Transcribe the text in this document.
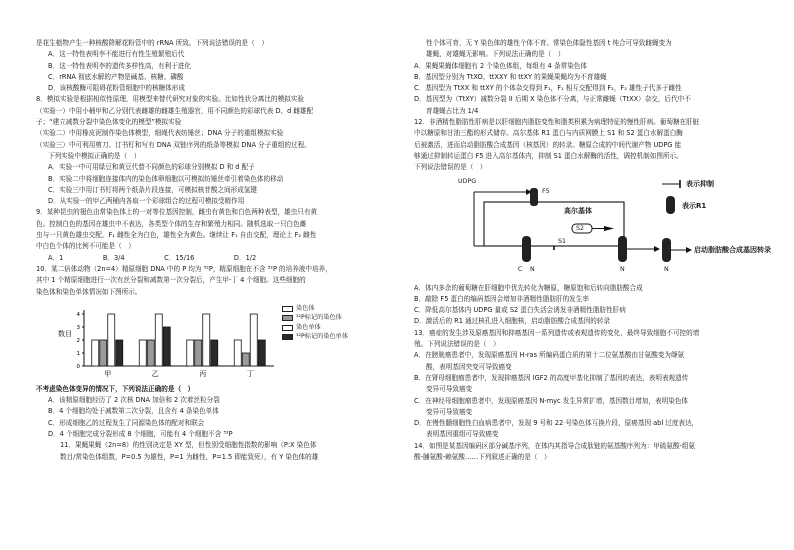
是花生植物产生一种核酸降解花粉管中的 rRNA 所致。下列说法错误的是（　）

A．这一特性表明李不能进行有性生殖繁殖后代

B．这一特性表明李的遗传多样性高，有利于进化

C．rRNA 彻底水解的产物是碱基、核糖、磷酸

D．该核酸酶可阻碍花粉管细胞中的核糖体形成

8．模拟实验是根据相似性原理，用模型来替代研究对象的实验。比如性状分离比的模拟实验

（实验一）中用小桶甲和乙分别代表雌雄的雌雄生殖器官，用不同颜色的彩球代表 D、d 雌雄配

子；“建立减数分裂中染色体变化的模型”模拟实验

（实验二）中用橡皮泥制作染色体模型，细绳代表纺锤丝；DNA 分子的重组模拟实验

（实验三）中可利用剪刀、订书钉和写有 DNA 双链序列的纸条等模拟 DNA 分子重组的过程。

下列实验中模拟正确的是（　）

A．实验一中可用绿豆和黄豆代替不同颜色的彩球分别模拟 D 和 d 配子

B．实验二中将细胞连接体内的染色体卵细胞以可模拟纺锤丝牵引着染色体的移动

C．实验三中用订书钉将两个纸条片段连接，可模拟核苷酸之间形成氢键

D．从实验一的甲乙两桶内各取一个彩球组合的过程可模拟受精作用

9．某种昆虫的翅色由常染色体上的一对等位基因控制，雌虫有黄色和白色两种表型，雄虫只有黄

色。控制白色的基因在雄虫中不表达，各类型个体的生存和繁殖力相同。随机选取一只白色雌

虫与一只黄色雄虫交配，F₁ 雌性全为白色，雄性全为黄色。继续让 F₁ 自由交配，理论上 F₂ 雌性

中白色个体的比例不可能是（　）

A．1　　　　　　B．3/4　　　　　　C．15/16　　　　　　D．1/2

10．某二倍体动物（2n=4）精原细胞 DNA 中的 P 均为 ³²P，精原细胞在不含 ³²P 的培养液中培养，

其中 1 个精原细胞进行一次有丝分裂和减数第一次分裂后，产生甲-丁 4 个细胞。这些细胞的

染色体和染色单体情况如下图所示。

数目
0
1
2
3
4
甲	乙	丙	丁
染色体
³²P标记的染色体
染色单体
³²P标记的染色单体

不考虑染色体变异的情况下，下列说法正确的是（　）

A．该精原细胞经历了 2 次核 DNA 加倍和 2 次着丝粒分裂

B．4 个细胞均处于减数第二次分裂，且含有 4 条染色单体

C．形成细胞乙的过程发生了同源染色体的配对和联会

D．4 个细胞完成分裂形成 8 个细胞，可能有 4 个细胞不含 ³²P

11．果蝇果蝇（2n=8）的性别决定是 XY 型，但性别受细胞性指数的影响（P:X 染色体

数目/常染色体组数，P=0.5 为雄性，P=1 为雌性，P=1.5 即能致死），有 Y 染色体的雄

性个体可育，无 Y 染色体的雄性个体不育。常染色体隐性基因 t 纯合可导致雌蝇变为

雄蝇，对雄蝇无影响。下列说法正确的是（　）

A．果蝇果蝇体细胞有 2 个染色体组，每组有 4 条常染色体

B．基因型分别为 TtXO、ttXXY 和 ttXY 的果蝇果蝇均为不育雄蝇

C．基因型为 TtXX 和 ttXY 的个体杂交得到 F₁，F₁ 相互交配得到 F₂，F₂ 雄性子代多于雌性

D．基因型为（TtXY）减数分裂 II 后期 X 染色体不分离，与正常雌蝇（TtXX）杂交，后代中不

育雄蝇占比为 1/4

12．非酒精性脂肪性肝病是以肝细胞内脂肪变性和脂类积累为病理特征的慢性肝病。葡萄糖在肝脏

中以糖原和甘油三酯的形式储存。高尔基体 R1 蛋白与内质网膜上 S1 和 S2 蛋白水解蛋白酶

后被激活，进而启动脂肪酸合成基因（核基因）的转录。糖原合成的中间代谢产物 UDPG 能

够通过抑制转运蛋白 F5 进入高尔基体内，抑制 S1 蛋白水解酶的活性，调控机制如图所示。

下列说法错误的是（　）

UDPG
F5
高尔基体
S2
S1
C N	N	N
表示抑制
表示R1
启动脂肪酸合成基因转录

A．体内多余的葡萄糖在肝细胞中优先转化为糖原，糖原饱和后转向脂肪酸合成

B．敲除 F5 蛋白的编码基因会增加非酒精性脂肪肝的发生率

C．降低高尔基体内 UDPG 量或 S2 蛋白失活会诱发非酒精性脂肪性肝病

D．激活后的 R1 通过核孔进入细胞核，启动脂肪酸合成基因的转录

13．癌症的发生涉及原癌基因和抑癌基因一系列遗传或表观遗传的变化，最终导致细胞不可控的增

殖。下列说法错误的是（　）

A．在膀胱癌患者中，发现原癌基因 H-ras 所编码蛋白质的第十二位氨基酸由甘氨酸变为缬氨

酸，表明基因突变可导致癌变

B．在肾母细胞瘤患者中，发现抑癌基因 IGF2 的高度甲基化抑制了基因的表达，表明表观遗传

变异可导致癌变

C．在神经母细胞瘤患者中，发现原癌基因 N-myc 发生异常扩增，基因数目增加，表明染色体

变异可导致癌变

D．在慢性髓细胞性白血病患者中，发现 9 号和 22 号染色体互换片段，原癌基因 abl 过度表达，

表明基因重组可导致癌变

14．如图是某基因编码区部分碱基序列，在体内其指导合成肽链的氨基酸序列为：甲硫氨酸-组氨

酸-脯氨酸-赖氨酸……下列叙述正确的是（　）
